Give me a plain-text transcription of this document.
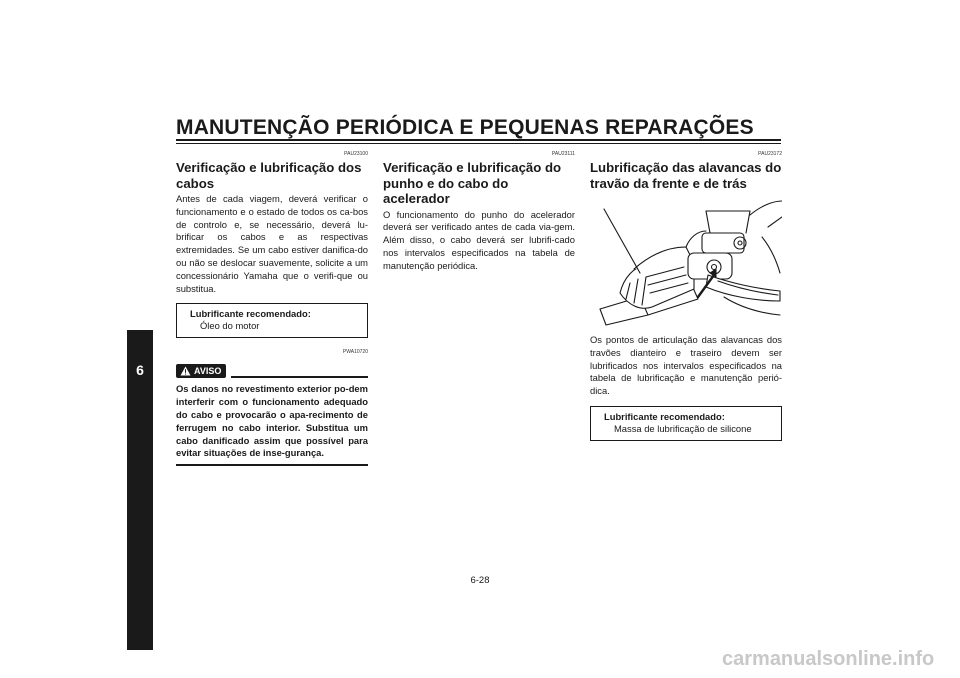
MANUTENÇÃO PERIÓDICA E PEQUENAS REPARAÇÕES
6
PAU23100
Verificação e lubrificação dos cabos
Antes de cada viagem, deverá verificar o funcionamento e o estado de todos os ca-bos de controlo e, se necessário, deverá lu-brificar os cabos e as respectivas extremidades. Se um cabo estiver danifica-do ou não se deslocar suavemente, solicite a um concessionário Yamaha que o verifi-que ou substitua.
Lubrificante recomendado:
Óleo do motor
PWA10720
AVISO
Os danos no revestimento exterior po-dem interferir com o funcionamento adequado do cabo e provocarão o apa-recimento de ferrugem no cabo interior. Substitua um cabo danificado assim que possível para evitar situações de inse-gurança.
PAU23111
Verificação e lubrificação do punho e do cabo do acelerador
O funcionamento do punho do acelerador deverá ser verificado antes de cada via-gem. Além disso, o cabo deverá ser lubrifi-cado nos intervalos especificados na tabela de manutenção periódica.
PAU23172
Lubrificação das alavancas do travão da frente e de trás
Os pontos de articulação das alavancas dos travões dianteiro e traseiro devem ser lubrificados nos intervalos especificados na tabela de lubrificação e manutenção perió-dica.
Lubrificante recomendado:
Massa de lubrificação de silicone
6-28
carmanualsonline.info
